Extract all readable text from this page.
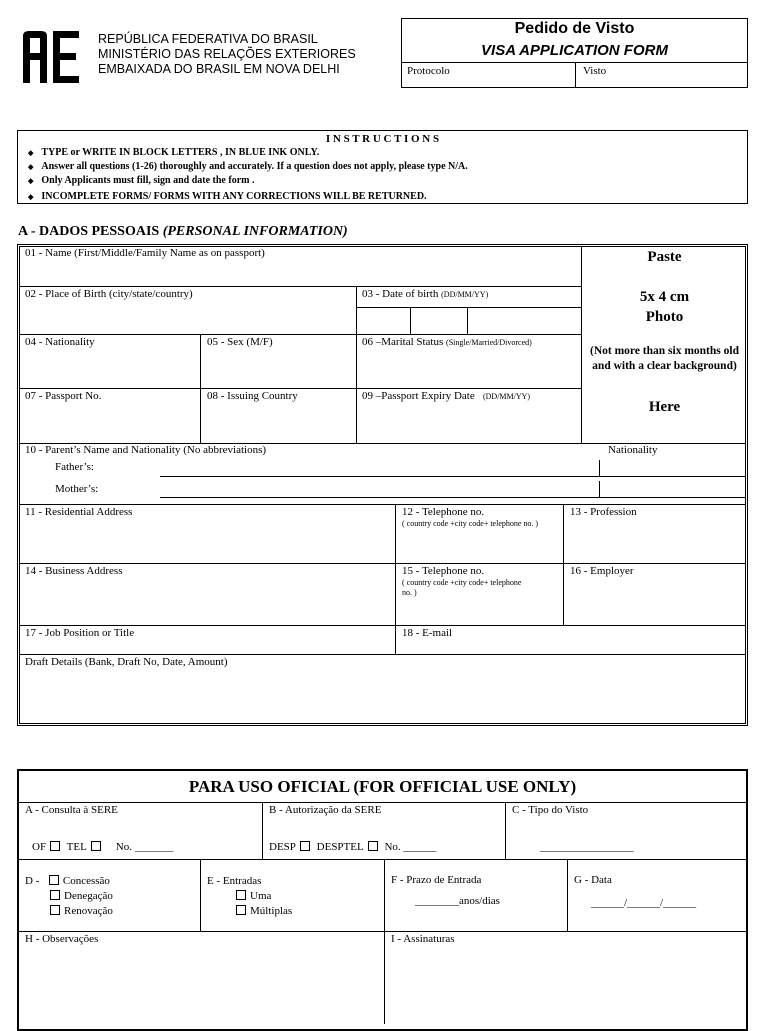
REPÚBLICA FEDERATIVA DO BRASIL
MINISTÉRIO DAS RELAÇÕES EXTERIORES
EMBAIXADA DO BRASIL EM NOVA DELHI
Pedido de Visto
VISA APPLICATION FORM
Protocolo	Visto
I N S T R U C T I O N S
◆ TYPE or WRITE IN BLOCK LETTERS , IN BLUE INK ONLY.
◆ Answer all questions (1-26) thoroughly and accurately. If a question does not apply, please type N/A.
◆ Only Applicants must fill, sign and date the form .
◆ INCOMPLETE FORMS/ FORMS WITH ANY CORRECTIONS WILL BE RETURNED.
A - DADOS PESSOAIS (PERSONAL INFORMATION)
01 - Name (First/Middle/Family Name as on passport)
02 - Place of Birth (city/state/country)	03 - Date of birth (DD/MM/YY)
04 - Nationality	05 - Sex (M/F)	06 –Marital Status (Single/Married/Divorced)
07 - Passport No.	08 - Issuing Country	09 –Passport Expiry Date (DD/MM/YY)
Paste
5x 4 cm
Photo
(Not more than six months old and with a clear background)
Here
10 - Parent’s Name and Nationality (No abbreviations)	Nationality
Father’s:
Mother’s:
11 - Residential Address	12 - Telephone no.
( country code +city code+ telephone no. )
13 - Profession
14 - Business Address	15 - Telephone no.
( country code +city code+ telephone no. )
16 - Employer
17 - Job Position or Title	18 - E-mail
Draft Details (Bank, Draft No, Date, Amount)
PARA USO OFICIAL (FOR OFFICIAL USE ONLY)
A - Consulta à SERE
OF TEL	No. _______
B - Autorização da SERE
DESP DESPTEL No. ______
C - Tipo do Visto
_________________
D - Concessão
Denegação
Renovação
E - Entradas
Uma
Múltiplas
F - Prazo de Entrada
________anos/dias
G - Data
______/______/______
H - Observações	I - Assinaturas
